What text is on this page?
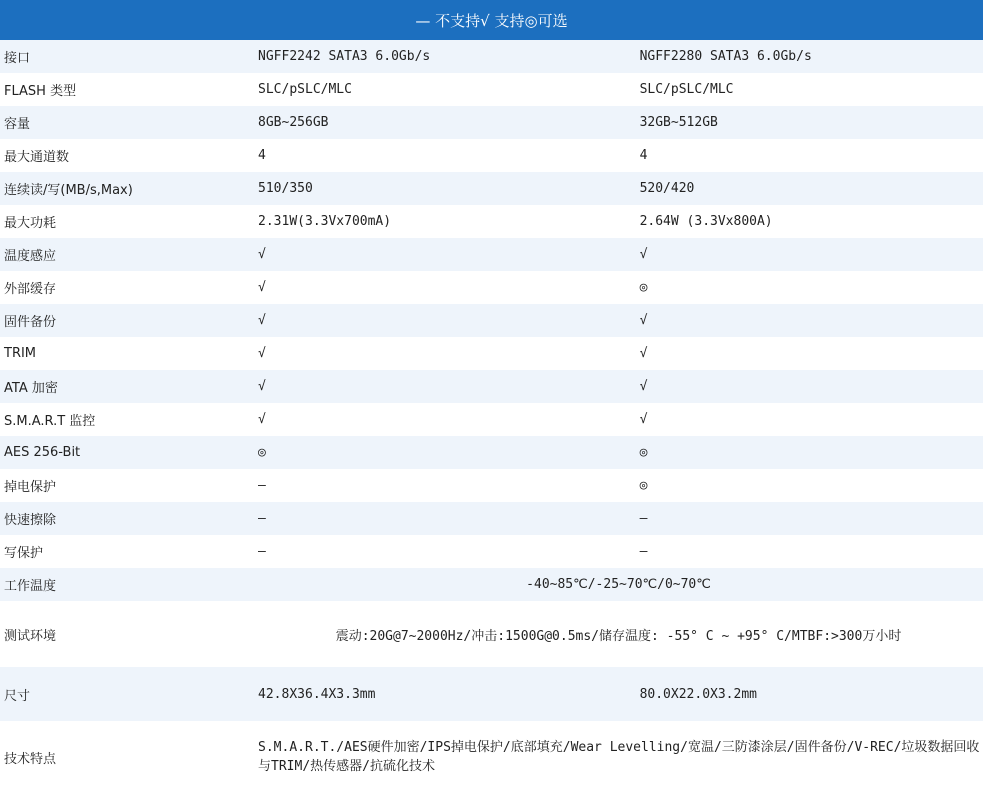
— 不支持√ 支持◎可选
接口	NGFF2242 SATA3 6.0Gb/s	NGFF2280 SATA3 6.0Gb/s
FLASH 类型	SLC/pSLC/MLC	SLC/pSLC/MLC
容量	8GB~256GB	32GB~512GB
最大通道数	4	4
连续读/写(MB/s,Max)	510/350	520/420
最大功耗	2.31W(3.3Vx700mA)	2.64W (3.3Vx800A)
温度感应	√	√
外部缓存	√	◎
固件备份	√	√
TRIM	√	√
ATA 加密	√	√
S.M.A.R.T 监控	√	√
AES 256-Bit	◎	◎
掉电保护	—	◎
快速擦除	—	—
写保护	—	—
工作温度	-40~85℃/-25~70℃/0~70℃	
测试环境	震动:20G@7~2000Hz/冲击:1500G@0.5ms/储存温度: -55° C ~ +95° C/MTBF:>300万小时	
尺寸	42.8X36.4X3.3mm	80.0X22.0X3.2mm
技术特点	S.M.A.R.T./AES硬件加密/IPS掉电保护/底部填充/Wear Levelling/宽温/三防漆涂层/固件备份/V-REC/垃圾数据回收与TRIM/热传感器/抗硫化技术	
